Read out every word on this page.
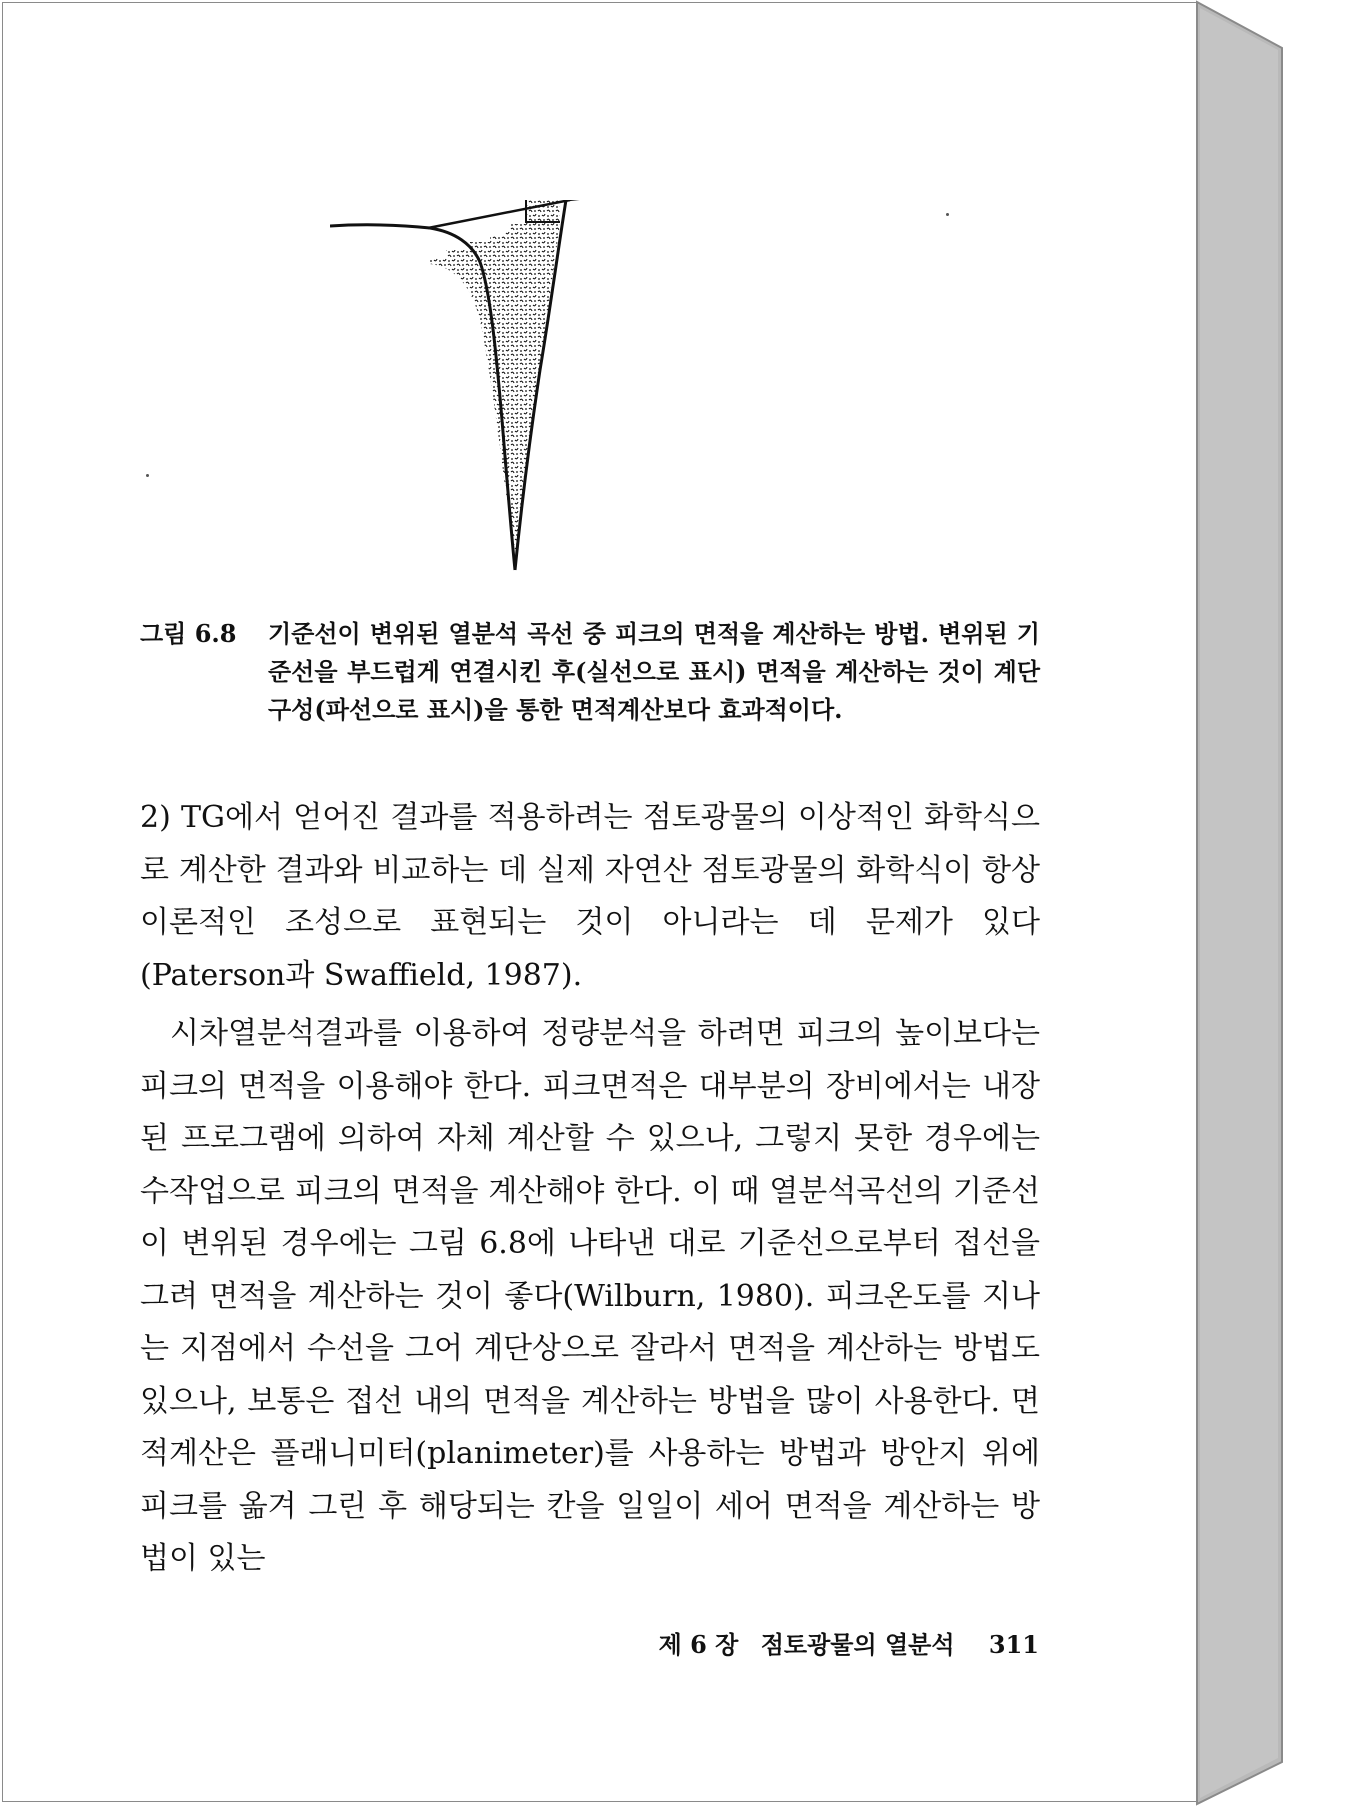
그림 6.8	기준선이 변위된 열분석 곡선 중 피크의 면적을 계산하는 방법. 변위된 기준선을 부드럽게 연결시킨 후(실선으로 표시) 면적을 계산하는 것이 계단 구성(파선으로 표시)을 통한 면적계산보다 효과적이다.

2) TG에서 얻어진 결과를 적용하려는 점토광물의 이상적인 화학식으로 계산한 결과와 비교하는 데 실제 자연산 점토광물의 화학식이 항상 이론적인 조성으로 표현되는 것이 아니라는 데 문제가 있다(Paterson과 Swaffield, 1987).

시차열분석결과를 이용하여 정량분석을 하려면 피크의 높이보다는 피크의 면적을 이용해야 한다. 피크면적은 대부분의 장비에서는 내장된 프로그램에 의하여 자체 계산할 수 있으나, 그렇지 못한 경우에는 수작업으로 피크의 면적을 계산해야 한다. 이 때 열분석곡선의 기준선이 변위된 경우에는 그림 6.8에 나타낸 대로 기준선으로부터 접선을 그려 면적을 계산하는 것이 좋다(Wilburn, 1980). 피크온도를 지나는 지점에서 수선을 그어 계단상으로 잘라서 면적을 계산하는 방법도 있으나, 보통은 접선 내의 면적을 계산하는 방법을 많이 사용한다. 면적계산은 플래니미터(planimeter)를 사용하는 방법과 방안지 위에 피크를 옮겨 그린 후 해당되는 칸을 일일이 세어 면적을 계산하는 방법이 있는

제 6 장 점토광물의 열분석 311
